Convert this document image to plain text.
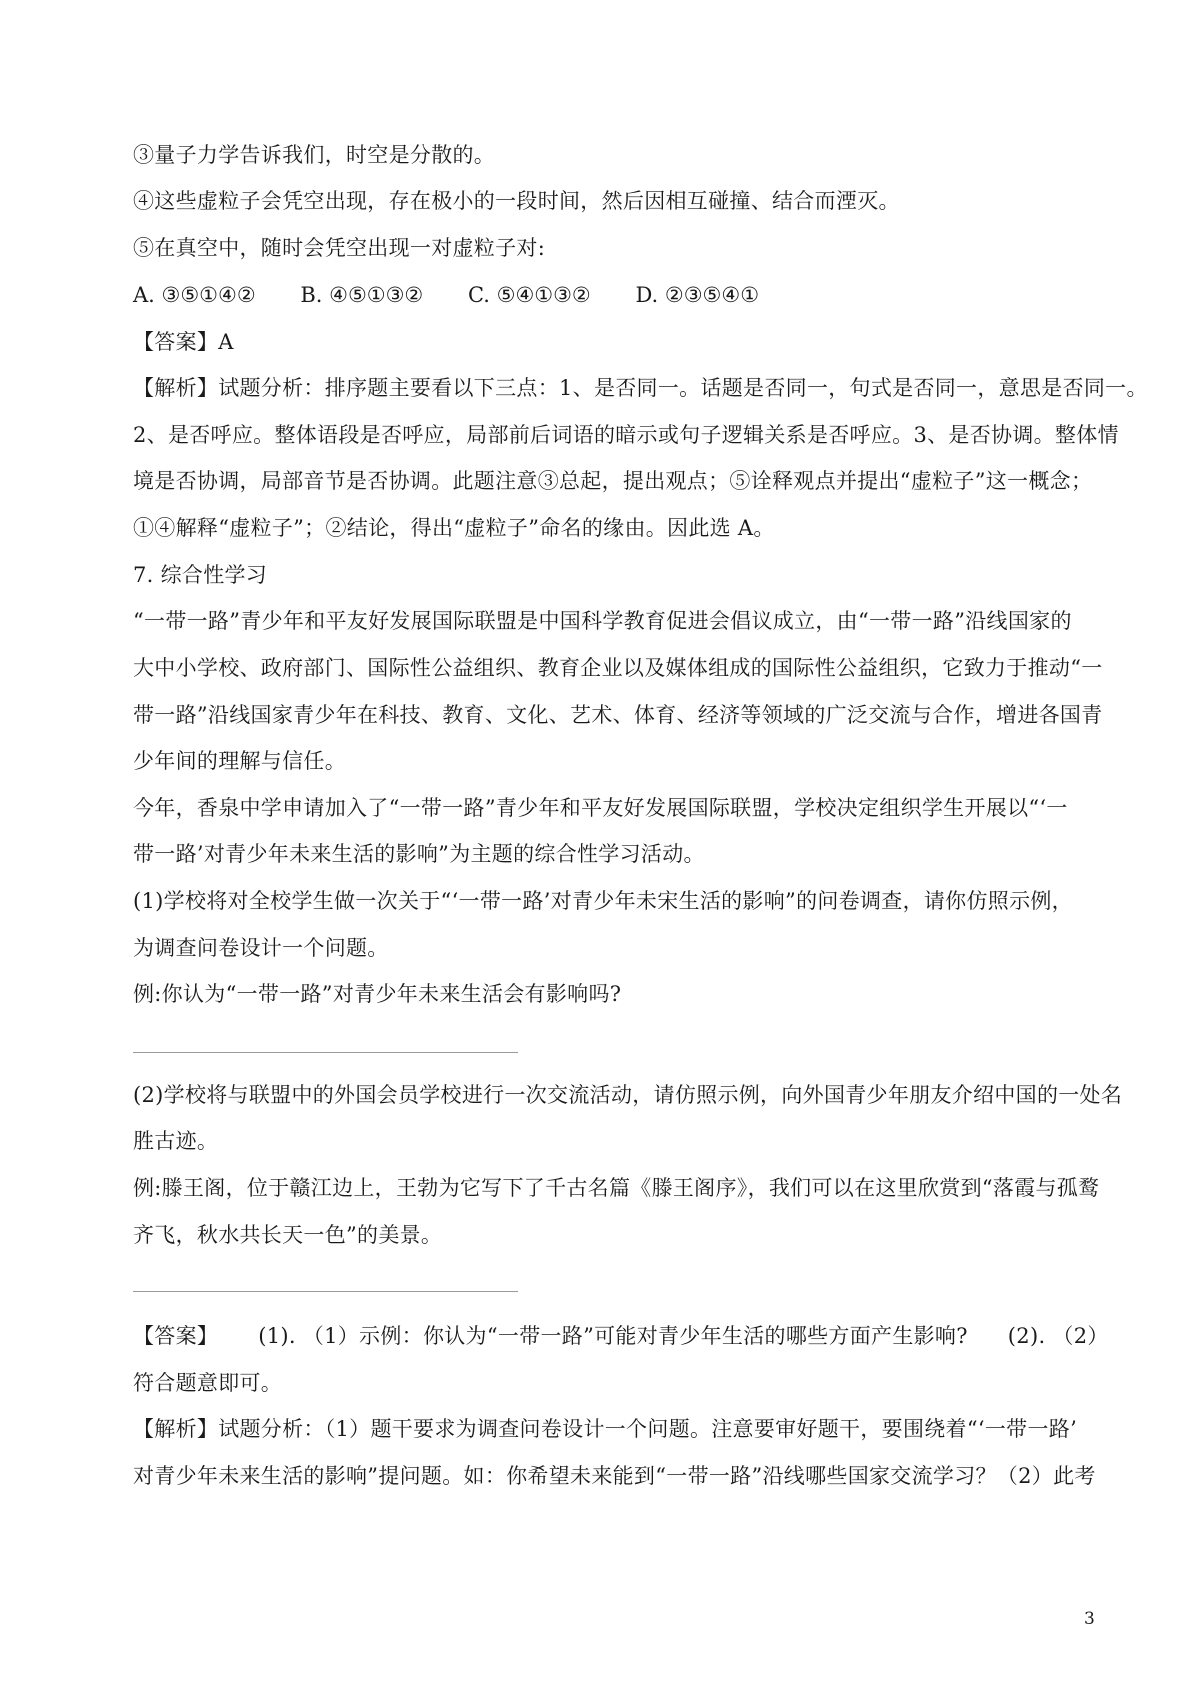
③量子力学告诉我们，时空是分散的。
④这些虚粒子会凭空出现，存在极小的一段时间，然后因相互碰撞、结合而湮灭。
⑤在真空中，随时会凭空出现一对虚粒子对:
A. ③⑤①④② B. ④⑤①③② C. ⑤④①③② D. ②③⑤④①
【答案】A
【解析】试题分析：排序题主要看以下三点：1、是否同一。话题是否同一，句式是否同一，意思是否同一。
2、是否呼应。整体语段是否呼应，局部前后词语的暗示或句子逻辑关系是否呼应。3、是否协调。整体情
境是否协调，局部音节是否协调。此题注意③总起，提出观点；⑤诠释观点并提出“虚粒子”这一概念；
①④解释“虚粒子”；②结论，得出“虚粒子”命名的缘由。因此选 A。
7. 综合性学习
“一带一路”青少年和平友好发展国际联盟是中国科学教育促进会倡议成立，由“一带一路”沿线国家的
大中小学校、政府部门、国际性公益组织、教育企业以及媒体组成的国际性公益组织，它致力于推动“一
带一路”沿线国家青少年在科技、教育、文化、艺术、体育、经济等领域的广泛交流与合作，增进各国青
少年间的理解与信任。
今年，香泉中学申请加入了“一带一路”青少年和平友好发展国际联盟，学校决定组织学生开展以“‘一
带一路’对青少年未来生活的影响”为主题的综合性学习活动。
(1)学校将对全校学生做一次关于“‘一带一路’对青少年未宋生活的影响”的问卷调查，请你仿照示例，
为调查问卷设计一个问题。
例:你认为“一带一路”对青少年未来生活会有影响吗?
(2)学校将与联盟中的外国会员学校进行一次交流活动，请仿照示例，向外国青少年朋友介绍中国的一处名
胜古迹。
例:滕王阁，位于赣江边上，王勃为它写下了千古名篇《滕王阁序》，我们可以在这里欣赏到“落霞与孤鹜
齐飞，秋水共长天一色”的美景。
【答案】 (1). （1）示例：你认为“一带一路”可能对青少年生活的哪些方面产生影响? (2). （2）
符合题意即可。
【解析】试题分析：（1）题干要求为调查问卷设计一个问题。注意要审好题干，要围绕着“‘一带一路’
对青少年未来生活的影响”提问题。如：你希望未来能到“一带一路”沿线哪些国家交流学习？（2）此考
3
